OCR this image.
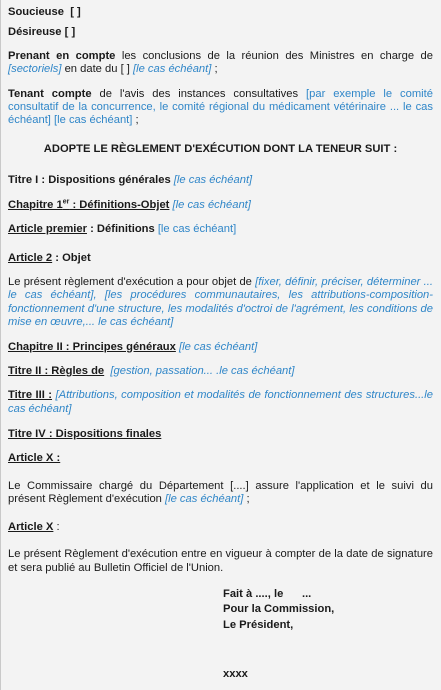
Soucieuse [ ]

Désireuse [ ]

Prenant en compte les conclusions de la réunion des Ministres en charge de [sectoriels] en date du [ ] [le cas échéant] ;

Tenant compte de l'avis des instances consultatives [par exemple le comité consultatif de la concurrence, le comité régional du médicament vétérinaire ... le cas échéant] [le cas échéant] ;

ADOPTE LE RÈGLEMENT D'EXÉCUTION DONT LA TENEUR SUIT :

Titre I : Dispositions générales [le cas échéant]

Chapitre 1er : Définitions-Objet [le cas échéant]

Article premier : Définitions [le cas échéant]

Article 2 : Objet

Le présent règlement d'exécution a pour objet de [fixer, définir, préciser, déterminer ... le cas échéant], [les procédures communautaires, les attributions-composition-fonctionnement d'une structure, les modalités d'octroi de l'agrément, les conditions de mise en œuvre,... le cas échéant]

Chapitre II : Principes généraux [le cas échéant]

Titre II : Règles de [gestion, passation... .le cas échéant]

Titre III : [Attributions, composition et modalités de fonctionnement des structures...le cas échéant]

Titre IV : Dispositions finales

Article X :

Le Commissaire chargé du Département [....] assure l'application et le suivi du présent Règlement d'exécution [le cas échéant] ;

Article X :

Le présent Règlement d'exécution entre en vigueur à compter de la date de signature et sera publié au Bulletin Officiel de l'Union.

Fait à ...., le      ...

Pour la Commission,

Le Président,

xxxx
